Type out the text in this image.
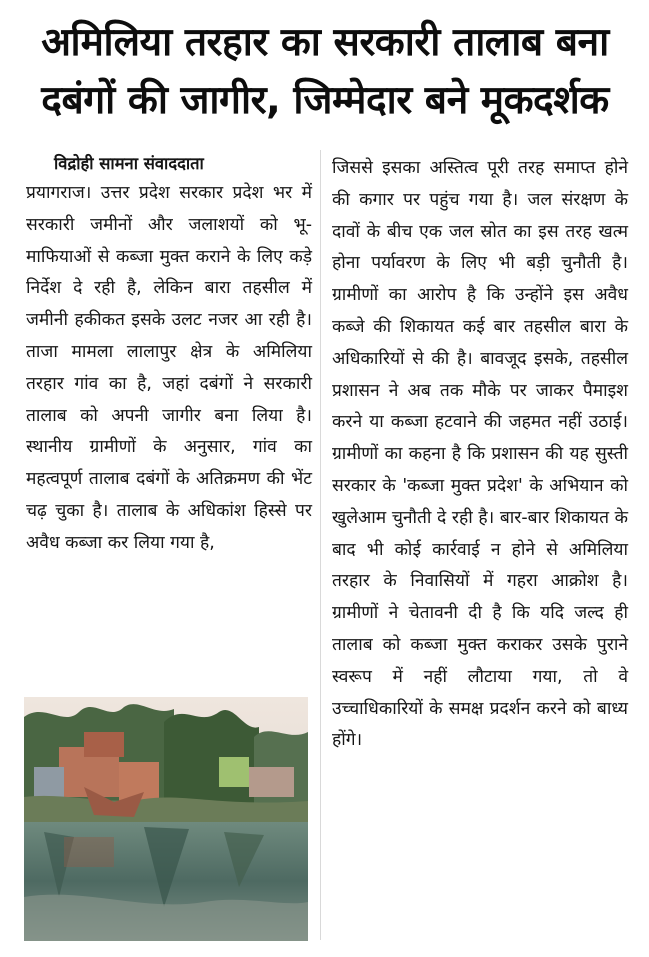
अमिलिया तरहार का सरकारी तालाब बना
दबंगों की जागीर, जिम्मेदार बने मूकदर्शक
विद्रोही सामना संवाददाता

प्रयागराज। उत्तर प्रदेश सरकार प्रदेश भर में सरकारी जमीनों और जलाशयों को भू-माफियाओं से कब्जा मुक्त कराने के लिए कड़े निर्देश दे रही है, लेकिन बारा तहसील में जमीनी हकीकत इसके उलट नजर आ रही है। ताजा मामला लालापुर क्षेत्र के अमिलिया तरहार गांव का है, जहां दबंगों ने सरकारी तालाब को अपनी जागीर बना लिया है। स्थानीय ग्रामीणों के अनुसार, गांव का महत्वपूर्ण तालाब दबंगों के अतिक्रमण की भेंट चढ़ चुका है। तालाब के अधिकांश हिस्से पर अवैध कब्जा कर लिया गया है,

जिससे इसका अस्तित्व पूरी तरह समाप्त होने की कगार पर पहुंच गया है। जल संरक्षण के दावों के बीच एक जल स्रोत का इस तरह खत्म होना पर्यावरण के लिए भी बड़ी चुनौती है। ग्रामीणों का आरोप है कि उन्होंने इस अवैध कब्जे की शिकायत कई बार तहसील बारा के अधिकारियों से की है। बावजूद इसके, तहसील प्रशासन ने अब तक मौके पर जाकर पैमाइश करने या कब्जा हटवाने की जहमत नहीं उठाई। ग्रामीणों का कहना है कि प्रशासन की यह सुस्ती सरकार के 'कब्जा मुक्त प्रदेश' के अभियान को खुलेआम चुनौती दे रही है। बार-बार शिकायत के बाद भी कोई कार्रवाई न होने से अमिलिया तरहार के निवासियों में गहरा आक्रोश है। ग्रामीणों ने चेतावनी दी है कि यदि जल्द ही तालाब को कब्जा मुक्त कराकर उसके पुराने स्वरूप में नहीं लौटाया गया, तो वे उच्चाधिकारियों के समक्ष प्रदर्शन करने को बाध्य होंगे।
